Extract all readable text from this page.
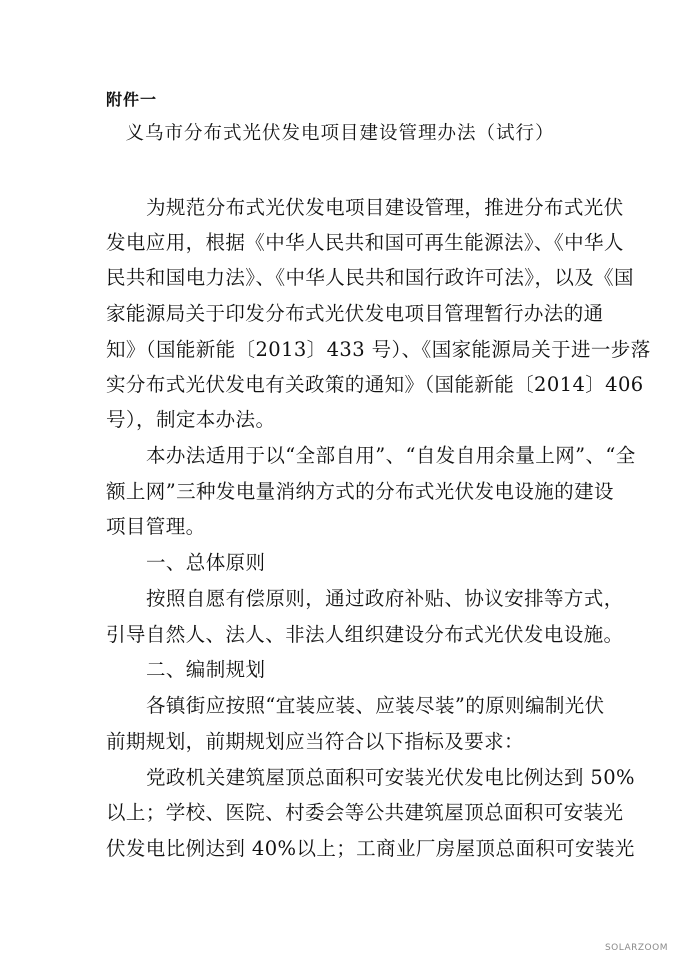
附件一
义乌市分布式光伏发电项目建设管理办法（试行）
为规范分布式光伏发电项目建设管理，推进分布式光伏
发电应用，根据《中华人民共和国可再生能源法》、《中华人
民共和国电力法》、《中华人民共和国行政许可法》，以及《国
家能源局关于印发分布式光伏发电项目管理暂行办法的通
知》（国能新能〔2013〕433 号）、《国家能源局关于进一步落
实分布式光伏发电有关政策的通知》（国能新能〔2014〕406
号），制定本办法。
本办法适用于以“全部自用”、“自发自用余量上网”、“全
额上网”三种发电量消纳方式的分布式光伏发电设施的建设
项目管理。
一、总体原则
按照自愿有偿原则，通过政府补贴、协议安排等方式，
引导自然人、法人、非法人组织建设分布式光伏发电设施。
二、编制规划
各镇街应按照“宜装应装、应装尽装”的原则编制光伏
前期规划，前期规划应当符合以下指标及要求：
党政机关建筑屋顶总面积可安装光伏发电比例达到 50%
以上；学校、医院、村委会等公共建筑屋顶总面积可安装光
伏发电比例达到 40%以上；工商业厂房屋顶总面积可安装光
SOLARZOOM
